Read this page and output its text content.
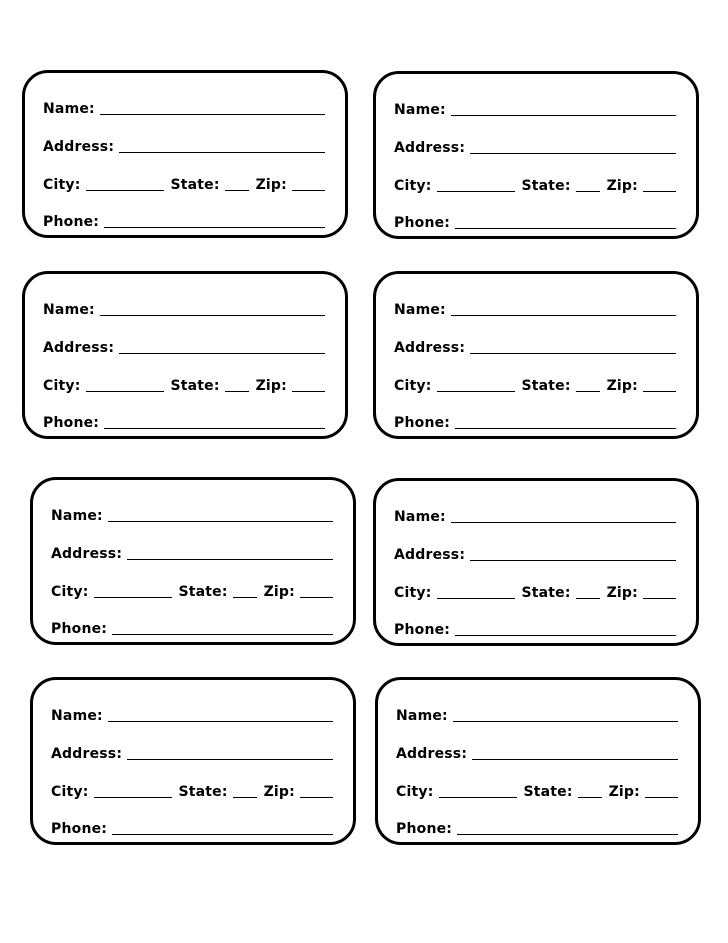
Name:
Address:
City:	State:	Zip:
Phone:
Name:
Address:
City:	State:	Zip:
Phone:
Name:
Address:
City:	State:	Zip:
Phone:
Name:
Address:
City:	State:	Zip:
Phone:
Name:
Address:
City:	State:	Zip:
Phone:
Name:
Address:
City:	State:	Zip:
Phone:
Name:
Address:
City:	State:	Zip:
Phone:
Name:
Address:
City:	State:	Zip:
Phone:
